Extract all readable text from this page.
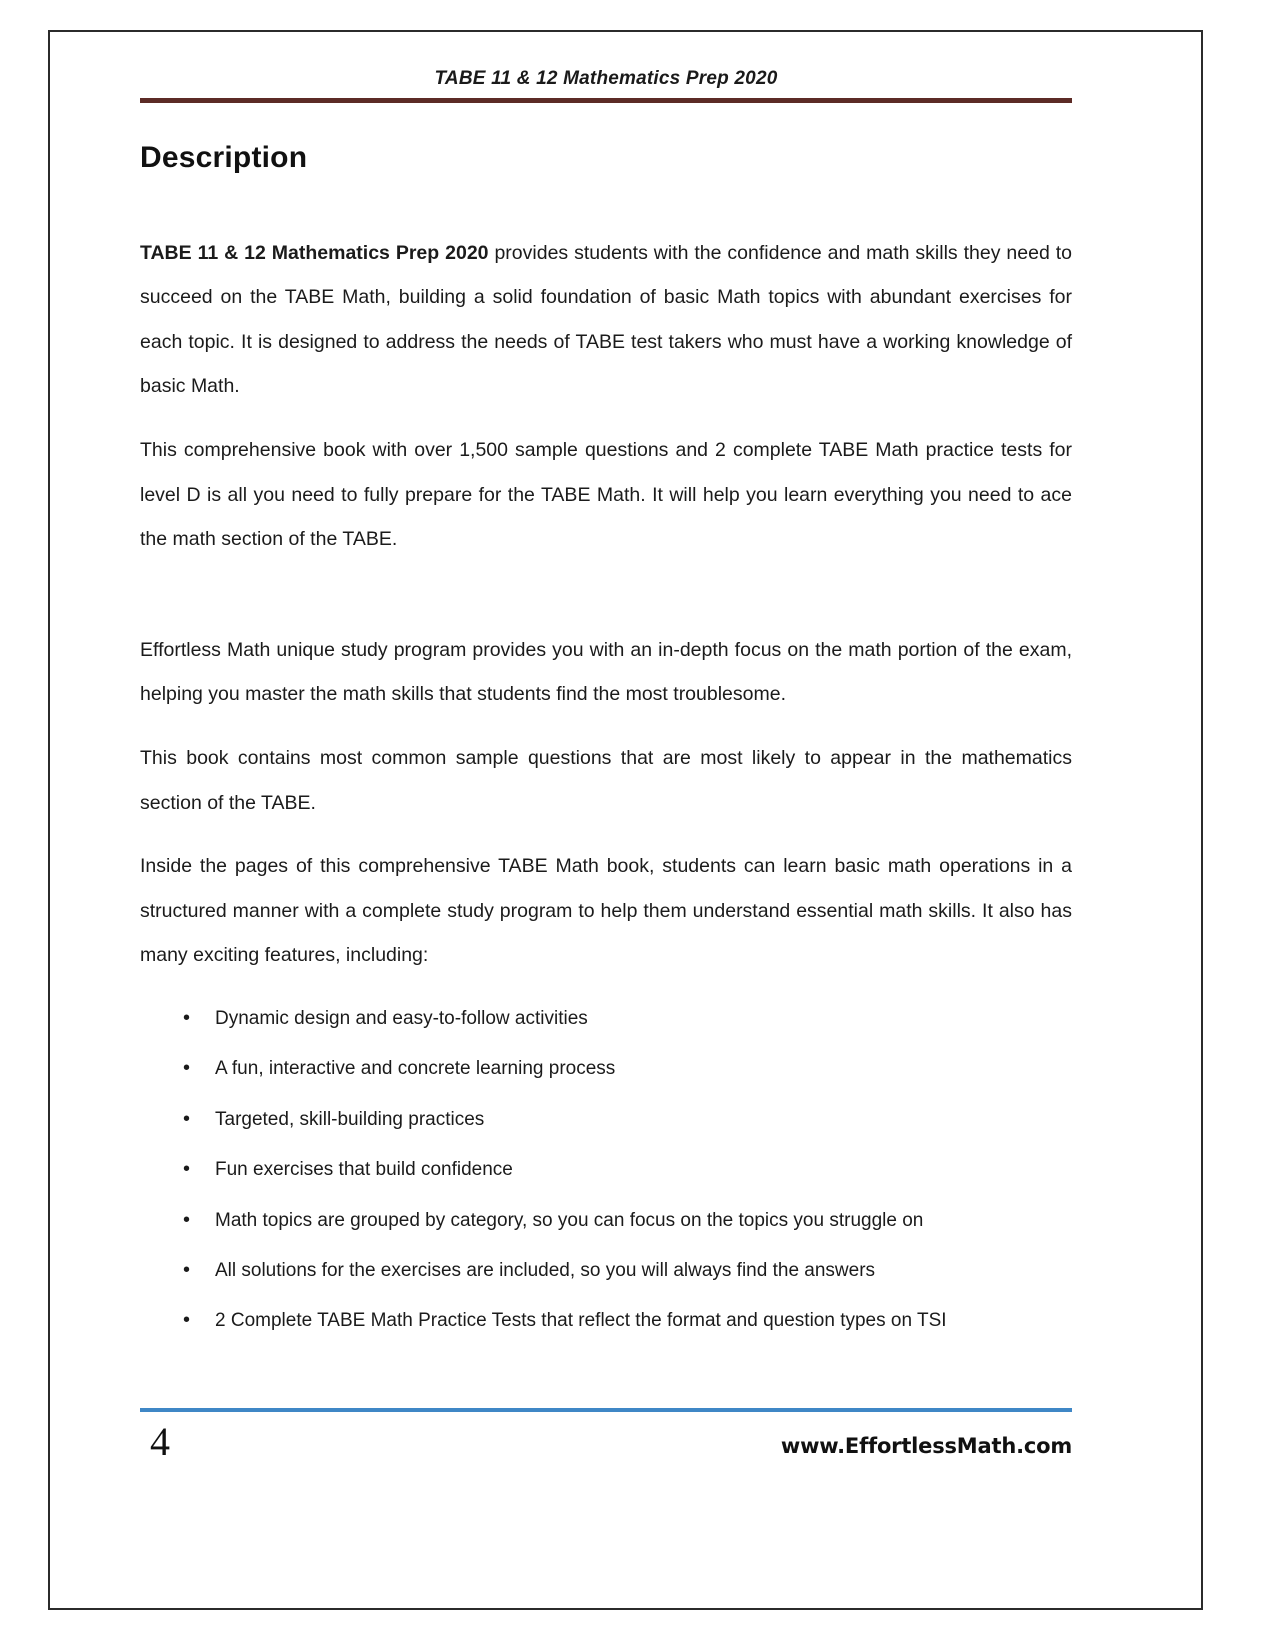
TABE 11 & 12 Mathematics Prep 2020
Description

TABE 11 & 12 Mathematics Prep 2020 provides students with the confidence and math skills they need to succeed on the TABE Math, building a solid foundation of basic Math topics with abundant exercises for each topic. It is designed to address the needs of TABE test takers who must have a working knowledge of basic Math.

This comprehensive book with over 1,500 sample questions and 2 complete TABE Math practice tests for level D is all you need to fully prepare for the TABE Math. It will help you learn everything you need to ace the math section of the TABE.

Effortless Math unique study program provides you with an in-depth focus on the math portion of the exam, helping you master the math skills that students find the most troublesome.

This book contains most common sample questions that are most likely to appear in the mathematics section of the TABE.

Inside the pages of this comprehensive TABE Math book, students can learn basic math operations in a structured manner with a complete study program to help them understand essential math skills. It also has many exciting features, including:

• Dynamic design and easy-to-follow activities
• A fun, interactive and concrete learning process
• Targeted, skill-building practices
• Fun exercises that build confidence
• Math topics are grouped by category, so you can focus on the topics you struggle on
• All solutions for the exercises are included, so you will always find the answers
• 2 Complete TABE Math Practice Tests that reflect the format and question types on TSI
4	www.EffortlessMath.com
